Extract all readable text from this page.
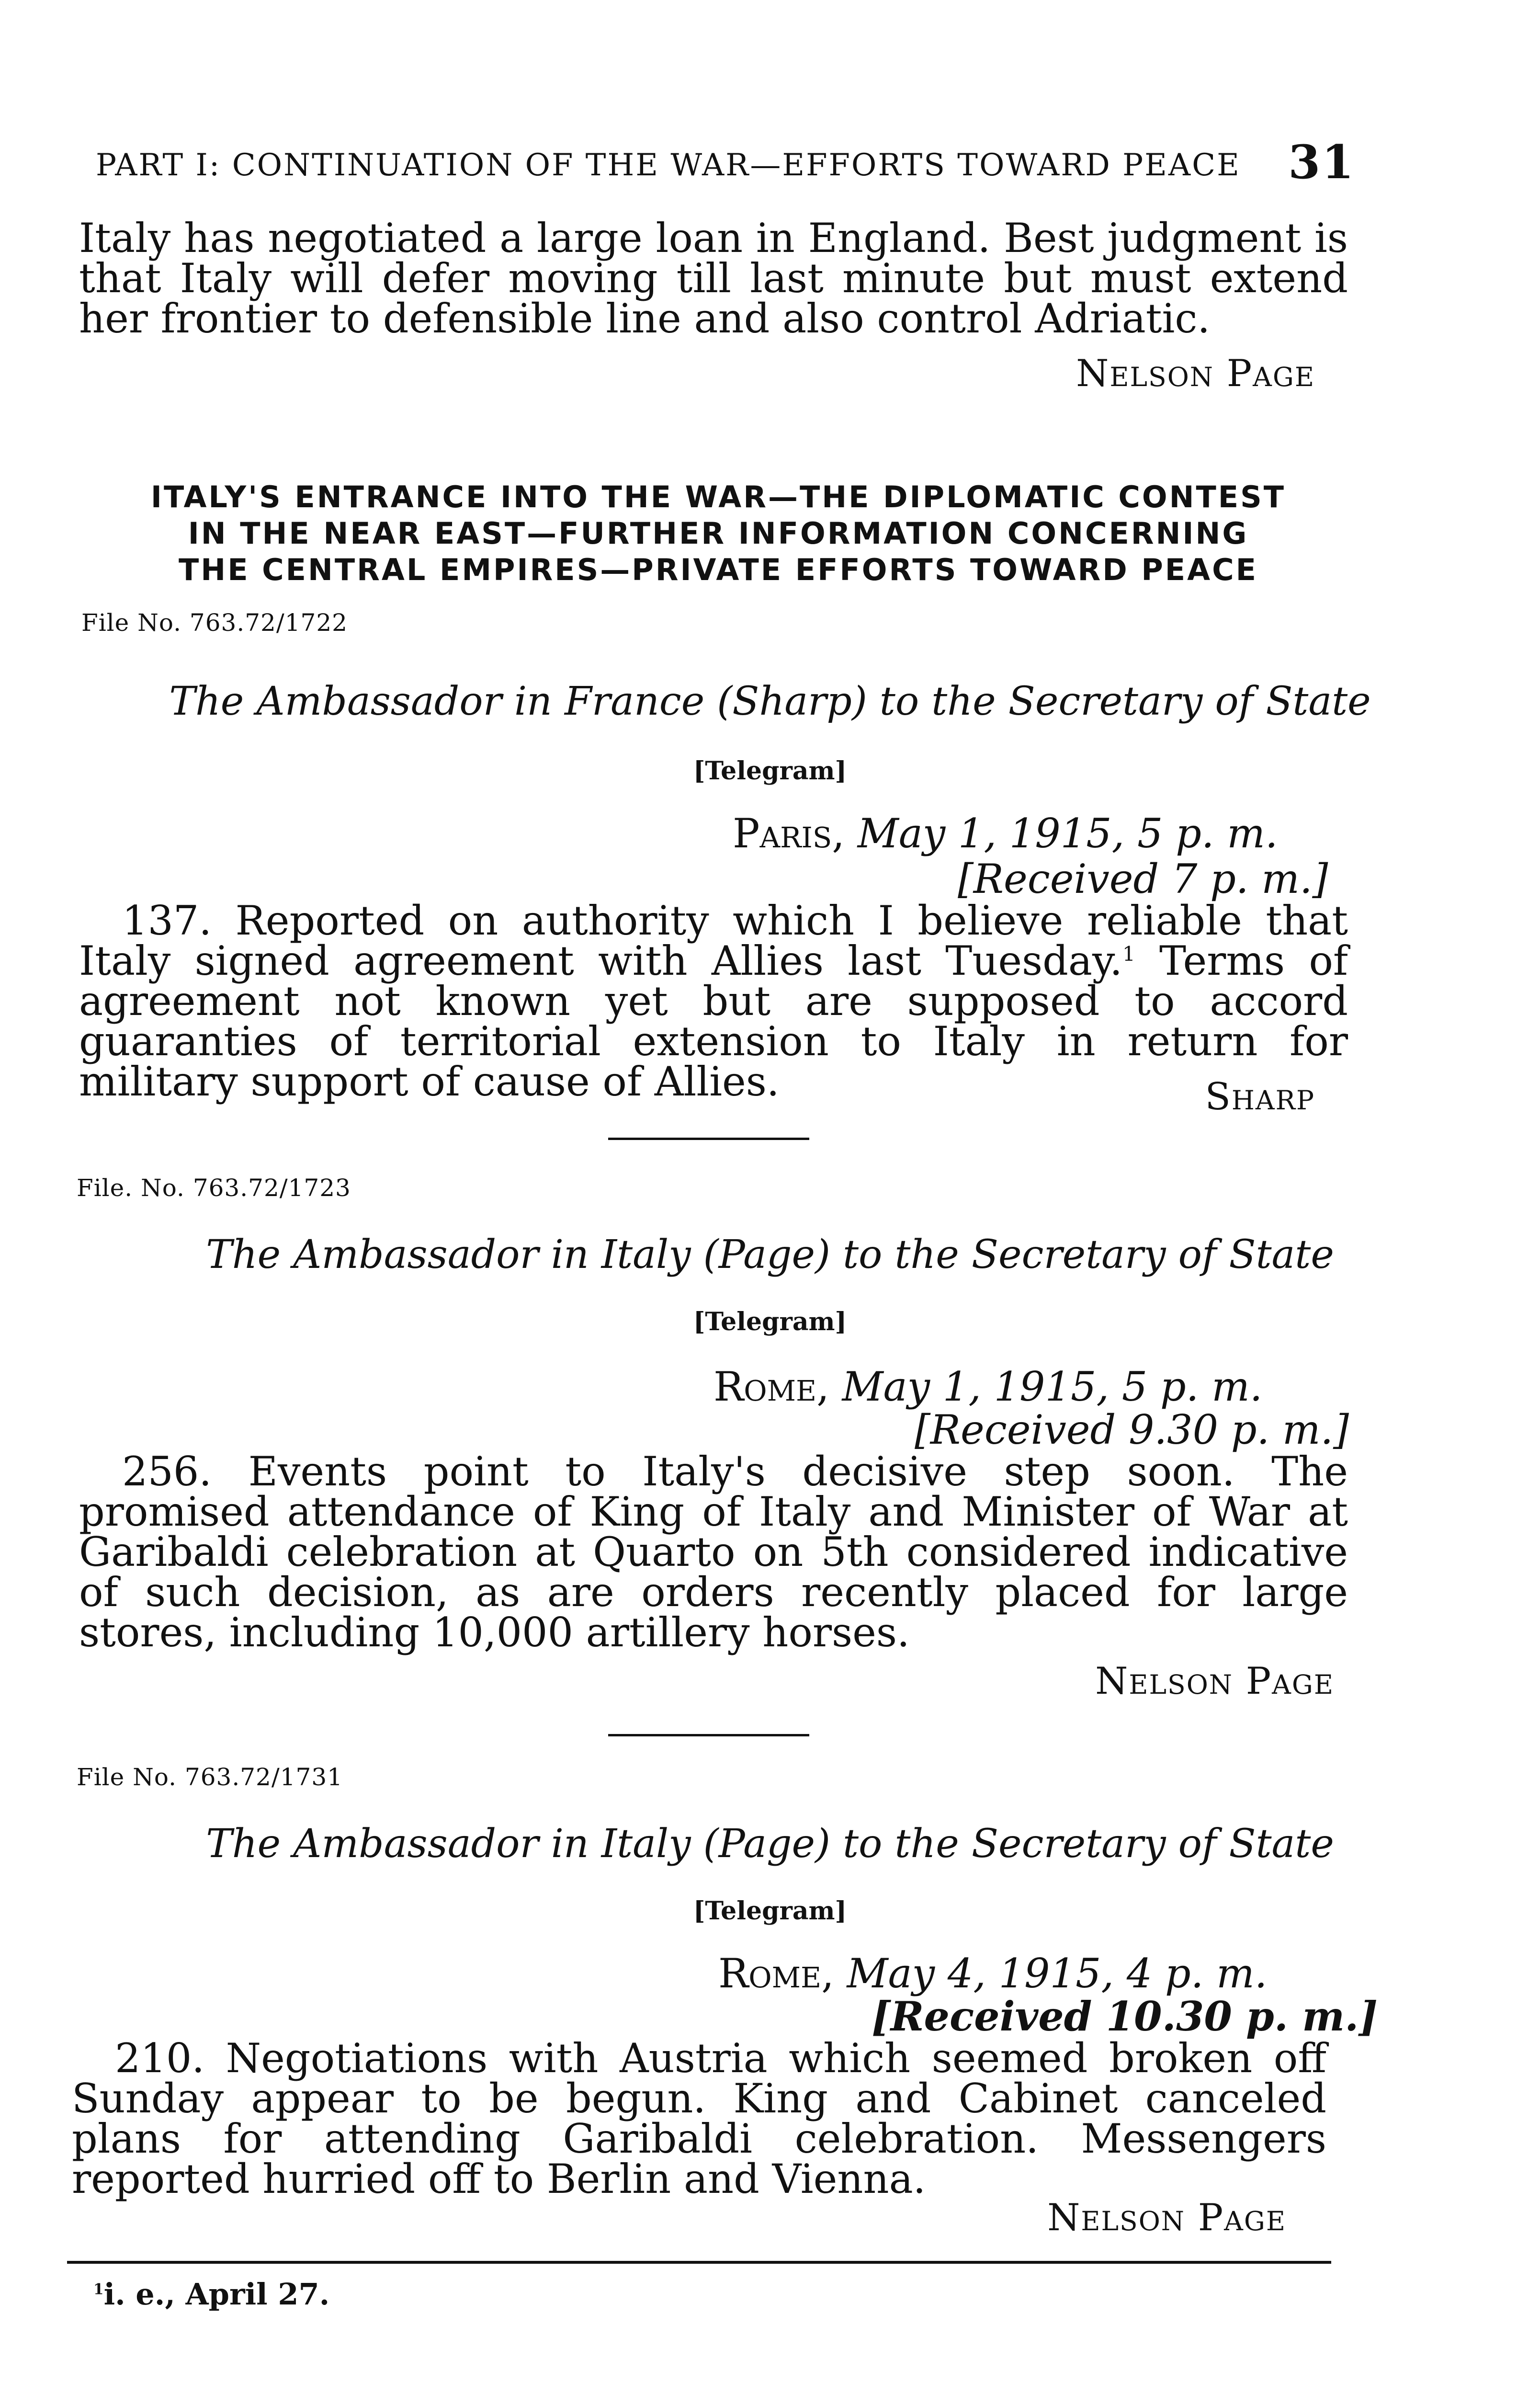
PART I: CONTINUATION OF THE WAR—EFFORTS TOWARD PEACE 31
Italy has negotiated a large loan in England. Best judgment is that Italy will defer moving till last minute but must extend her frontier to defensible line and also control Adriatic.
Nelson Page
ITALY'S ENTRANCE INTO THE WAR—THE DIPLOMATIC CONTEST
IN THE NEAR EAST—FURTHER INFORMATION CONCERNING
THE CENTRAL EMPIRES—PRIVATE EFFORTS TOWARD PEACE
File No. 763.72/1722
The Ambassador in France (Sharp) to the Secretary of State
[Telegram]
Paris, May 1, 1915, 5 p. m.
[Received 7 p. m.]
137. Reported on authority which I believe reliable that Italy signed agreement with Allies last Tuesday.$^1$ Terms of agreement not known yet but are supposed to accord guaranties of territorial extension to Italy in return for military support of cause of Allies.	Sharp
File. No. 763.72/1723
The Ambassador in Italy (Page) to the Secretary of State
[Telegram]
Rome, May 1, 1915, 5 p. m.
[Received 9.30 p. m.]
256. Events point to Italy's decisive step soon. The promised attendance of King of Italy and Minister of War at Garibaldi celebration at Quarto on 5th considered indicative of such decision, as are orders recently placed for large stores, including 10,000 artillery horses.
Nelson Page
File No. 763.72/1731
The Ambassador in Italy (Page) to the Secretary of State
[Telegram]
Rome, May 4, 1915, 4 p. m.
[Received 10.30 p. m.]
210. Negotiations with Austria which seemed broken off Sunday appear to be begun. King and Cabinet canceled plans for attending Garibaldi celebration. Messengers reported hurried off to Berlin and Vienna.
Nelson Page
$^1$i. e., April 27.
